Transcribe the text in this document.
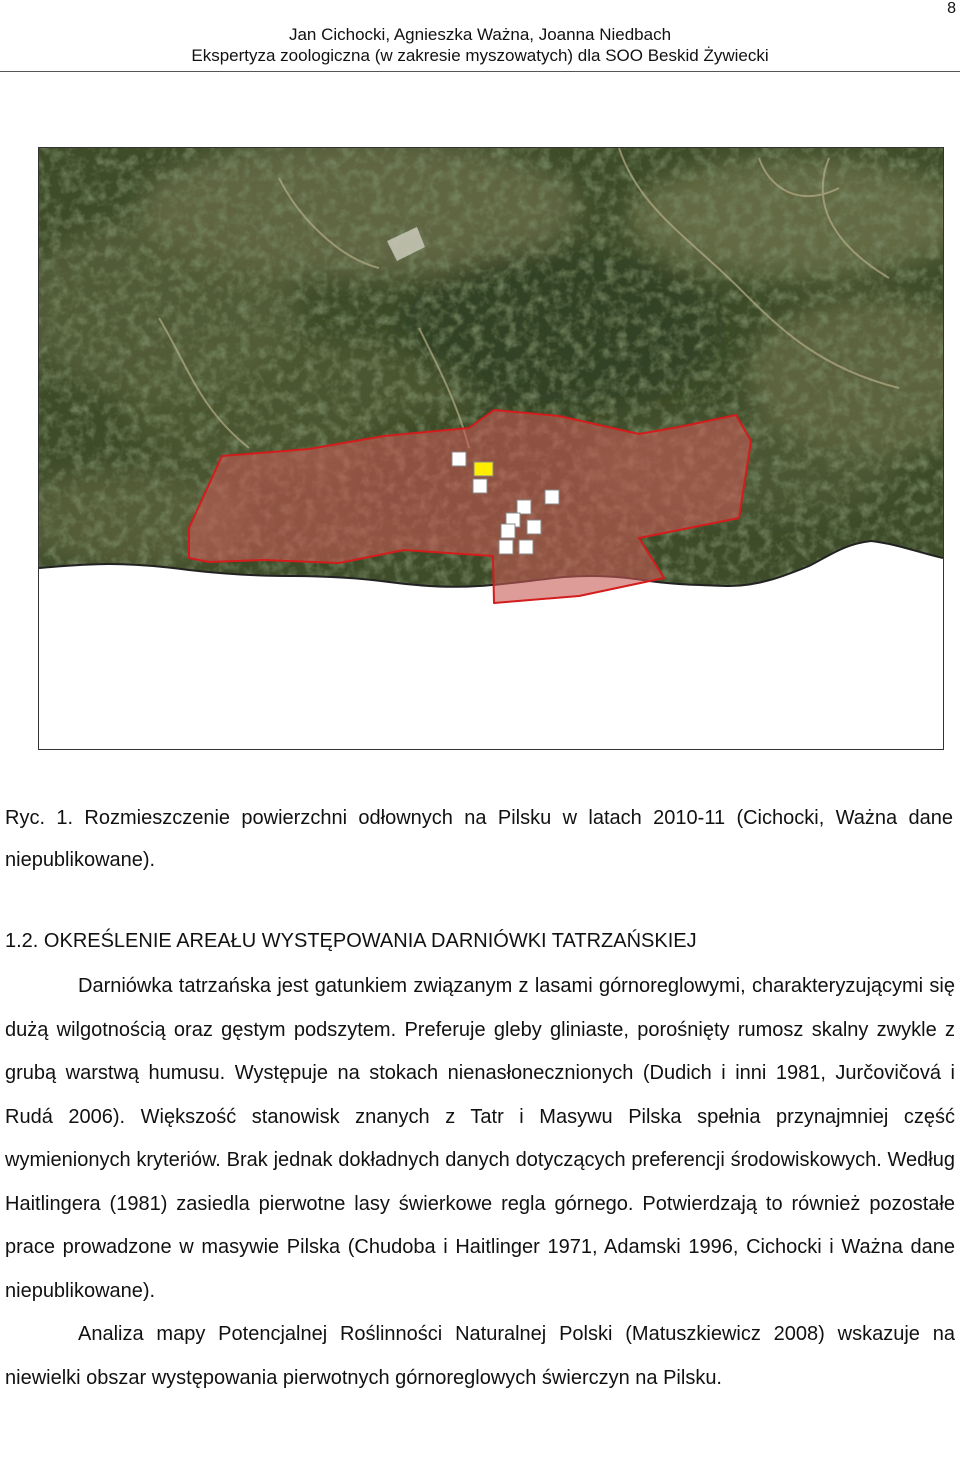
8
Jan Cichocki, Agnieszka Ważna, Joanna Niedbach
Ekspertyza zoologiczna (w zakresie myszowatych) dla SOO Beskid Żywiecki
Ryc. 1. Rozmieszczenie powierzchni odłownych na Pilsku w latach 2010-11 (Cichocki, Ważna dane niepublikowane).
1.2. OKREŚLENIE AREAŁU WYSTĘPOWANIA DARNIÓWKI TATRZAŃSKIEJ

Darniówka tatrzańska jest gatunkiem związanym z lasami górnoreglowymi, charakteryzującymi się dużą wilgotnością oraz gęstym podszytem. Preferuje gleby gliniaste, porośnięty rumosz skalny zwykle z grubą warstwą humusu. Występuje na stokach nienasłonecznionych (Dudich i inni 1981, Jurčovičová i Rudá 2006). Większość stanowisk znanych z Tatr i Masywu Pilska spełnia przynajmniej część wymienionych kryteriów. Brak jednak dokładnych danych dotyczących preferencji środowiskowych. Według Haitlingera (1981) zasiedla pierwotne lasy świerkowe regla górnego. Potwierdzają to również pozostałe prace prowadzone w masywie Pilska (Chudoba i Haitlinger 1971, Adamski 1996, Cichocki i Ważna dane niepublikowane).

Analiza mapy Potencjalnej Roślinności Naturalnej Polski (Matuszkiewicz 2008) wskazuje na niewielki obszar występowania pierwotnych górnoreglowych świerczyn na Pilsku.
